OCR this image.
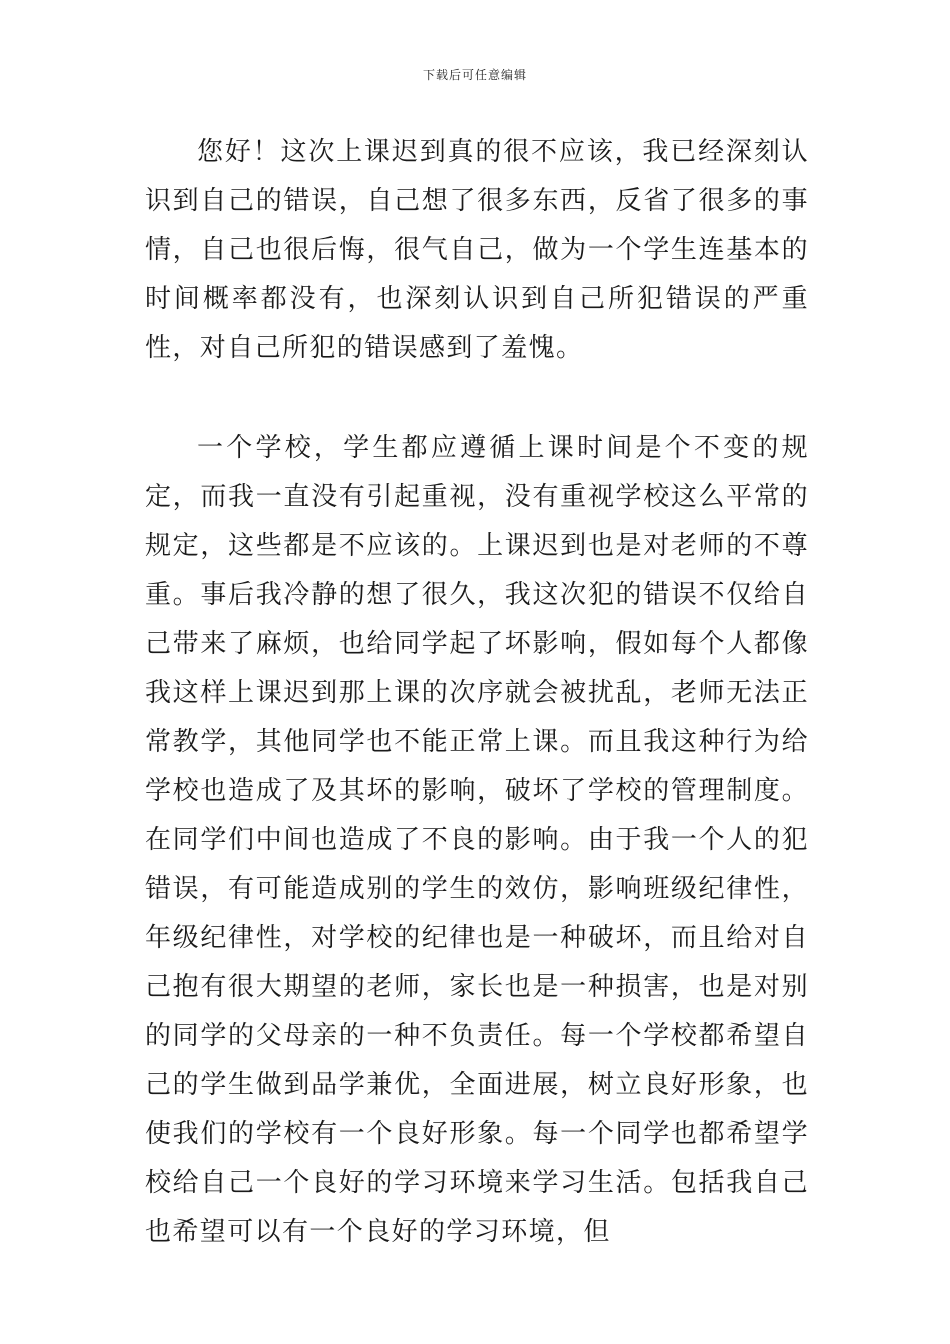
下载后可任意编辑

您好！这次上课迟到真的很不应该，我已经深刻认识到自己的错误，自己想了很多东西，反省了很多的事情，自己也很后悔，很气自己，做为一个学生连基本的时间概率都没有，也深刻认识到自己所犯错误的严重性，对自己所犯的错误感到了羞愧。

一个学校，学生都应遵循上课时间是个不变的规定，而我一直没有引起重视，没有重视学校这么平常的规定，这些都是不应该的。上课迟到也是对老师的不尊重。事后我冷静的想了很久，我这次犯的错误不仅给自己带来了麻烦，也给同学起了坏影响，假如每个人都像我这样上课迟到那上课的次序就会被扰乱，老师无法正常教学，其他同学也不能正常上课。而且我这种行为给学校也造成了及其坏的影响，破坏了学校的管理制度。在同学们中间也造成了不良的影响。由于我一个人的犯错误，有可能造成别的学生的效仿，影响班级纪律性，年级纪律性，对学校的纪律也是一种破坏，而且给对自己抱有很大期望的老师，家长也是一种损害，也是对别的同学的父母亲的一种不负责任。每一个学校都希望自己的学生做到品学兼优，全面进展，树立良好形象，也使我们的学校有一个良好形象。每一个同学也都希望学校给自己一个良好的学习环境来学习生活。包括我自己也希望可以有一个良好的学习环境，但
